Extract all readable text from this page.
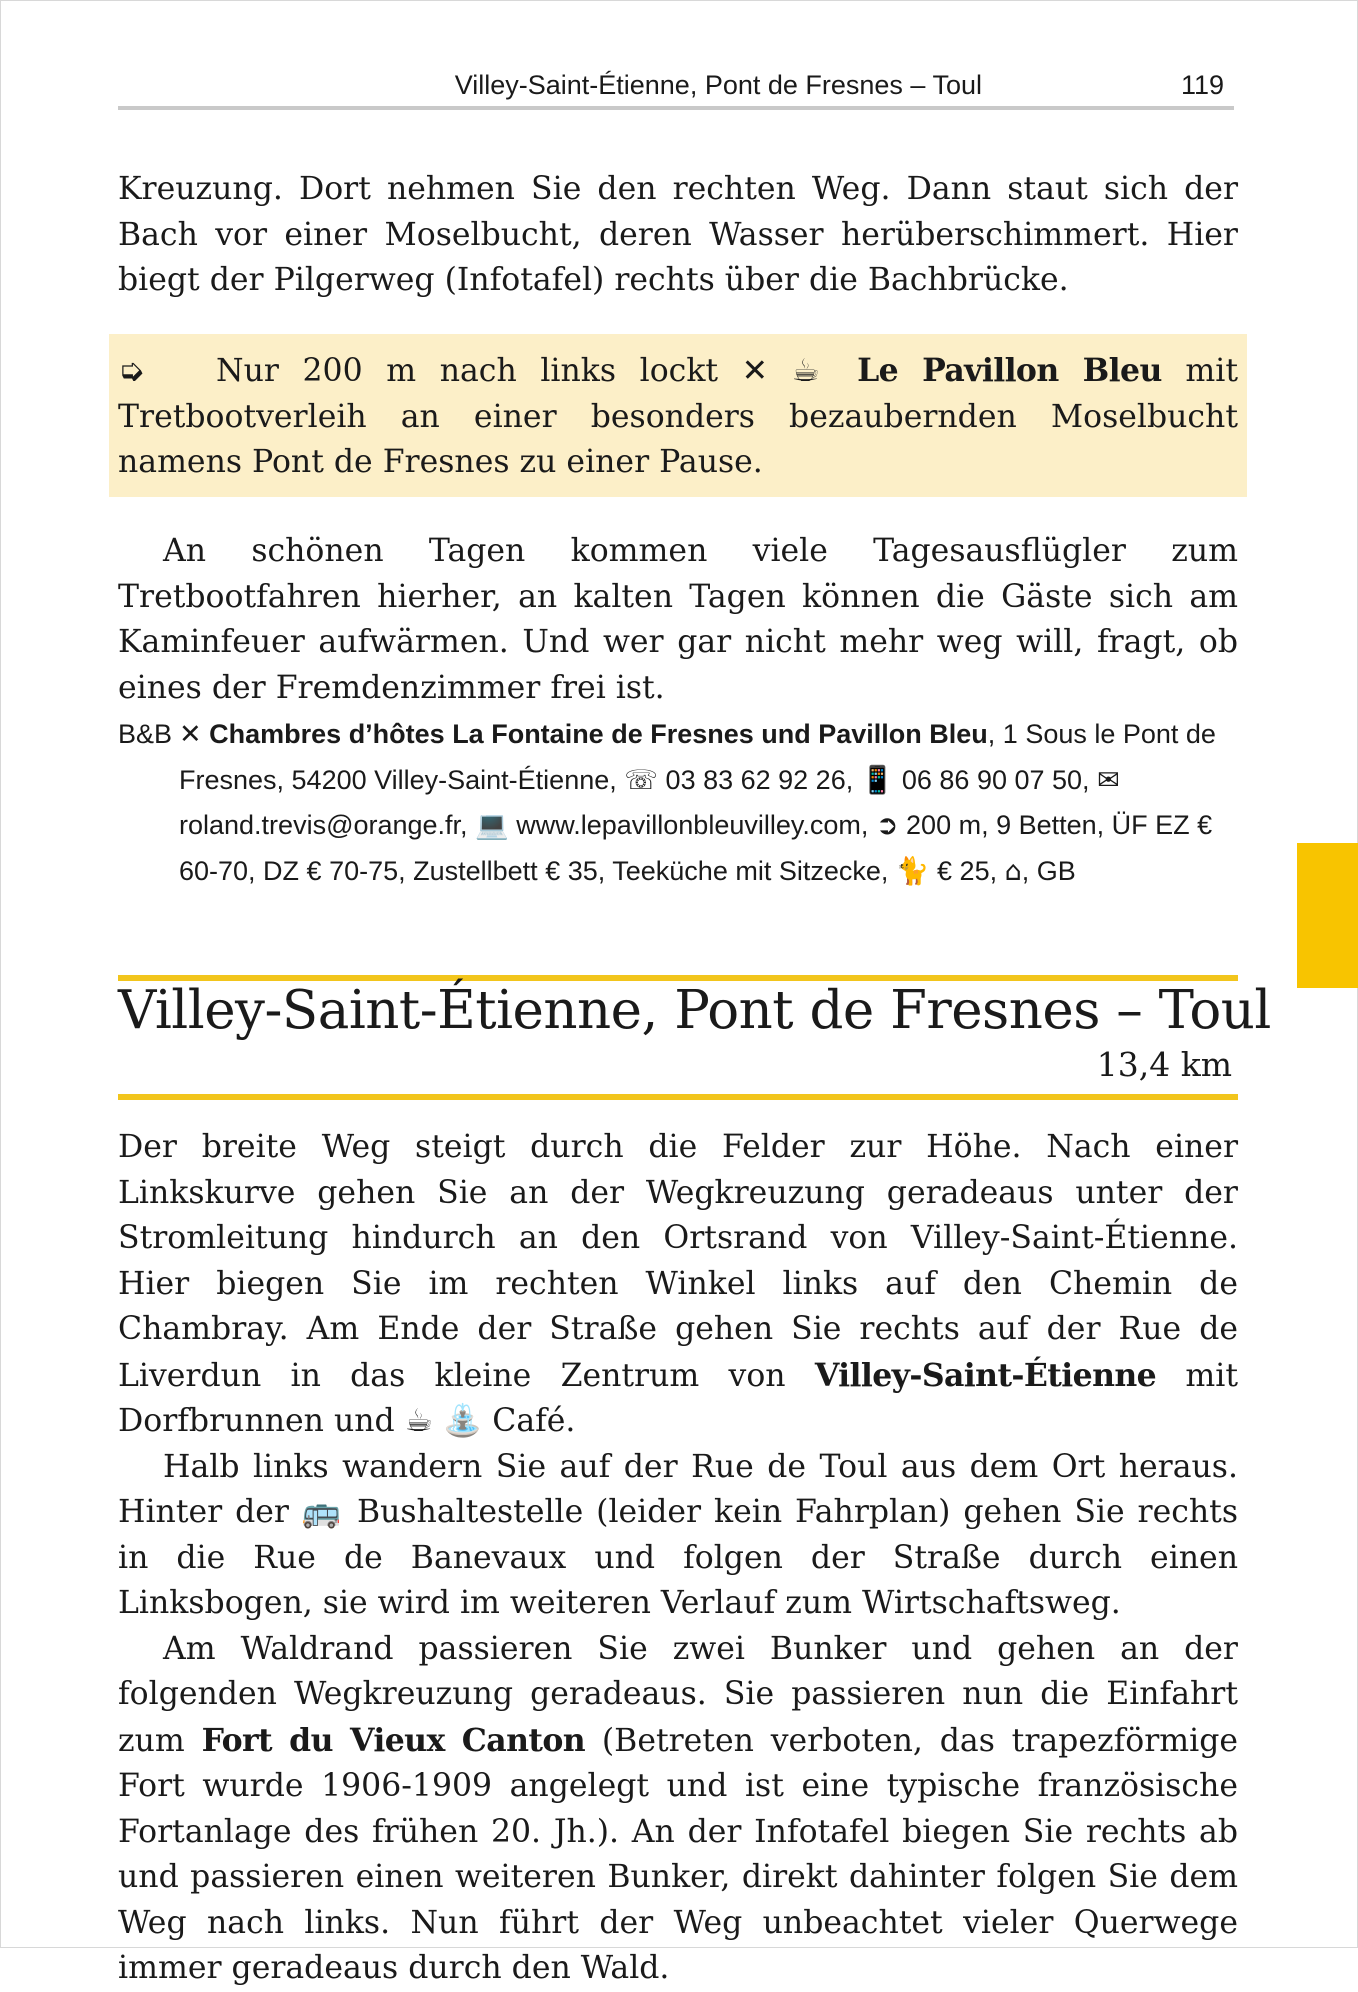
Villey-Saint-Étienne, Pont de Fresnes – Toul	119

Kreuzung. Dort nehmen Sie den rechten Weg. Dann staut sich der Bach vor einer Moselbucht, deren Wasser herüberschimmert. Hier biegt der Pilgerweg (Infotafel) rechts über die Bachbrücke.

➭ Nur 200 m nach links lockt ✕ ☕ Le Pavillon Bleu mit Tretbootverleih an einer besonders bezaubernden Moselbucht namens Pont de Fresnes zu einer Pause.

An schönen Tagen kommen viele Tagesausflügler zum Tretbootfahren hierher, an kalten Tagen können die Gäste sich am Kaminfeuer aufwärmen. Und wer gar nicht mehr weg will, fragt, ob eines der Fremdenzimmer frei ist.

B&B ✕ Chambres d’hôtes La Fontaine de Fresnes und Pavillon Bleu, 1 Sous le Pont de Fresnes, 54200 Villey-Saint-Étienne, ☏ 03 83 62 92 26, 📱 06 86 90 07 50, ✉ roland.trevis@orange.fr, 💻 www.lepavillonbleuvilley.com, ➲ 200 m, 9 Betten, ÜF EZ € 60-70, DZ € 70-75, Zustellbett € 35, Teeküche mit Sitzecke, 🐈 € 25, ⌂, GB
Villey-Saint-Étienne, Pont de Fresnes – Toul
13,4 km

Der breite Weg steigt durch die Felder zur Höhe. Nach einer Linkskurve gehen Sie an der Wegkreuzung geradeaus unter der Stromleitung hindurch an den Ortsrand von Villey-Saint-Étienne. Hier biegen Sie im rechten Winkel links auf den Chemin de Chambray. Am Ende der Straße gehen Sie rechts auf der Rue de Liverdun in das kleine Zentrum von Villey-Saint-Étienne mit Dorfbrunnen und ☕ ⛲ Café.

Halb links wandern Sie auf der Rue de Toul aus dem Ort heraus. Hinter der 🚌 Bushaltestelle (leider kein Fahrplan) gehen Sie rechts in die Rue de Banevaux und folgen der Straße durch einen Linksbogen, sie wird im weiteren Verlauf zum Wirtschaftsweg.

Am Waldrand passieren Sie zwei Bunker und gehen an der folgenden Wegkreuzung geradeaus. Sie passieren nun die Einfahrt zum Fort du Vieux Canton (Betreten verboten, das trapezförmige Fort wurde 1906-1909 angelegt und ist eine typische französische Fortanlage des frühen 20. Jh.). An der Infotafel biegen Sie rechts ab und passieren einen weiteren Bunker, direkt dahinter folgen Sie dem Weg nach links. Nun führt der Weg unbeachtet vieler Querwege immer geradeaus durch den Wald.
